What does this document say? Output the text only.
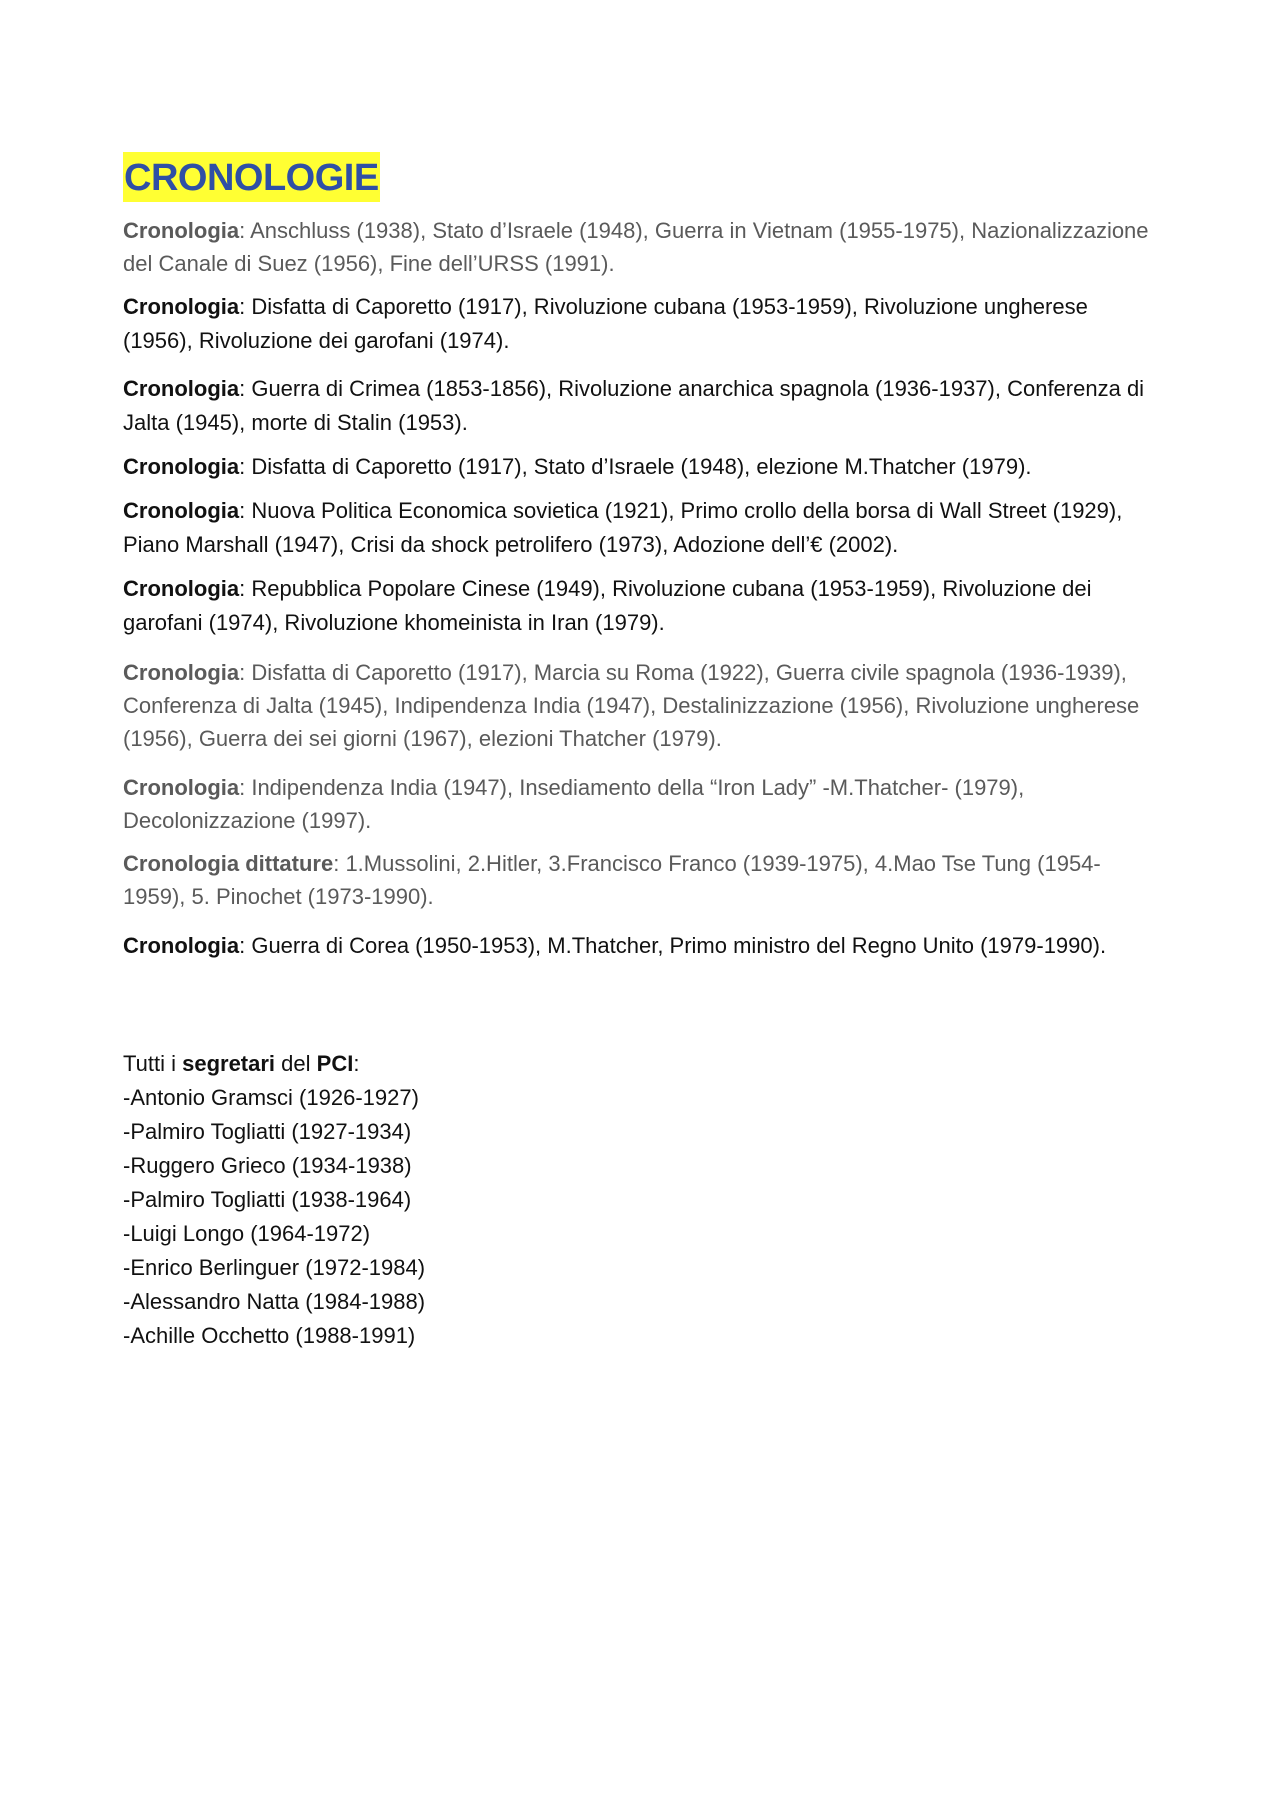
CRONOLOGIE

Cronologia: Anschluss (1938), Stato d’Israele (1948), Guerra in Vietnam (1955-1975), Nazionalizzazione del Canale di Suez (1956), Fine dell’URSS (1991).

Cronologia: Disfatta di Caporetto (1917), Rivoluzione cubana (1953-1959), Rivoluzione ungherese (1956), Rivoluzione dei garofani (1974).

Cronologia: Guerra di Crimea (1853-1856), Rivoluzione anarchica spagnola (1936-1937), Conferenza di Jalta (1945), morte di Stalin (1953).

Cronologia: Disfatta di Caporetto (1917), Stato d’Israele (1948), elezione M.Thatcher (1979).

Cronologia: Nuova Politica Economica sovietica (1921), Primo crollo della borsa di Wall Street (1929), Piano Marshall (1947), Crisi da shock petrolifero (1973), Adozione dell’€ (2002).

Cronologia: Repubblica Popolare Cinese (1949), Rivoluzione cubana (1953-1959), Rivoluzione dei garofani (1974), Rivoluzione khomeinista in Iran (1979).

Cronologia: Disfatta di Caporetto (1917), Marcia su Roma (1922), Guerra civile spagnola (1936-1939), Conferenza di Jalta (1945), Indipendenza India (1947), Destalinizzazione (1956), Rivoluzione ungherese (1956), Guerra dei sei giorni (1967), elezioni Thatcher (1979).

Cronologia: Indipendenza India (1947), Insediamento della “Iron Lady” -M.Thatcher- (1979), Decolonizzazione (1997).

Cronologia dittature: 1.Mussolini, 2.Hitler, 3.Francisco Franco (1939-1975), 4.Mao Tse Tung (1954-1959), 5. Pinochet (1973-1990).

Cronologia: Guerra di Corea (1950-1953), M.Thatcher, Primo ministro del Regno Unito (1979-1990).

Tutti i segretari del PCI:
-Antonio Gramsci (1926-1927)
-Palmiro Togliatti (1927-1934)
-Ruggero Grieco (1934-1938)
-Palmiro Togliatti (1938-1964)
-Luigi Longo (1964-1972)
-Enrico Berlinguer (1972-1984)
-Alessandro Natta (1984-1988)
-Achille Occhetto (1988-1991)
